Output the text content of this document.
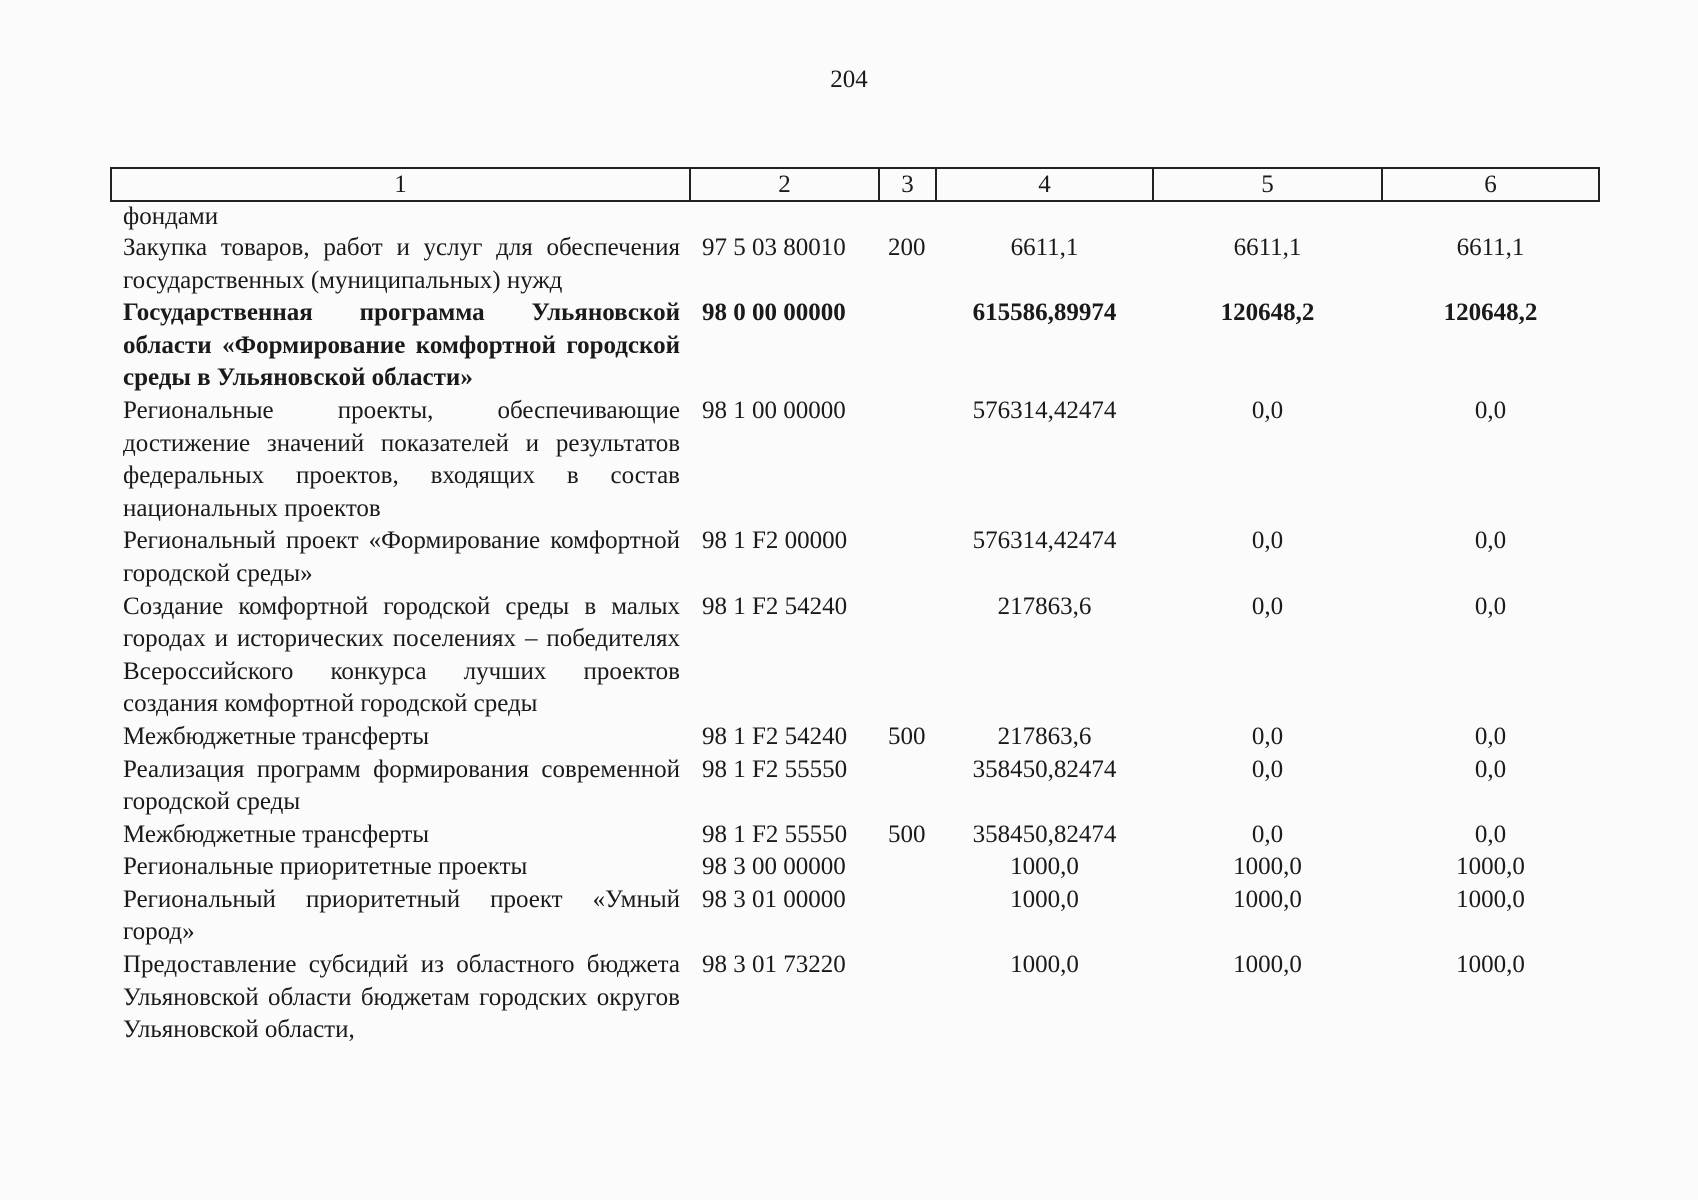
204
1	2	3	4	5	6
фондами					
Закупка товаров, работ и услуг для обеспечения государственных (муниципальных) нужд	97 5 03 80010	200	6611,1	6611,1	6611,1
Государственная программа Ульяновской области «Формирование комфортной городской среды в Ульяновской области»	98 0 00 00000		615586,89974	120648,2	120648,2
Региональные проекты, обеспечивающие достижение значений показателей и результатов федеральных проектов, входящих в состав национальных проектов	98 1 00 00000		576314,42474	0,0	0,0
Региональный проект «Формирование комфортной городской среды»	98 1 F2 00000		576314,42474	0,0	0,0
Создание комфортной городской среды в малых городах и исторических поселениях – победителях Всероссийского конкурса лучших проектов создания комфортной городской среды	98 1 F2 54240		217863,6	0,0	0,0
Межбюджетные трансферты	98 1 F2 54240	500	217863,6	0,0	0,0
Реализация программ формирования современной городской среды	98 1 F2 55550		358450,82474	0,0	0,0
Межбюджетные трансферты	98 1 F2 55550	500	358450,82474	0,0	0,0
Региональные приоритетные проекты	98 3 00 00000		1000,0	1000,0	1000,0
Региональный приоритетный проект «Умный город»	98 3 01 00000		1000,0	1000,0	1000,0
Предоставление субсидий из областного бюджета Ульяновской области бюджетам городских округов Ульяновской области,	98 3 01 73220		1000,0	1000,0	1000,0
